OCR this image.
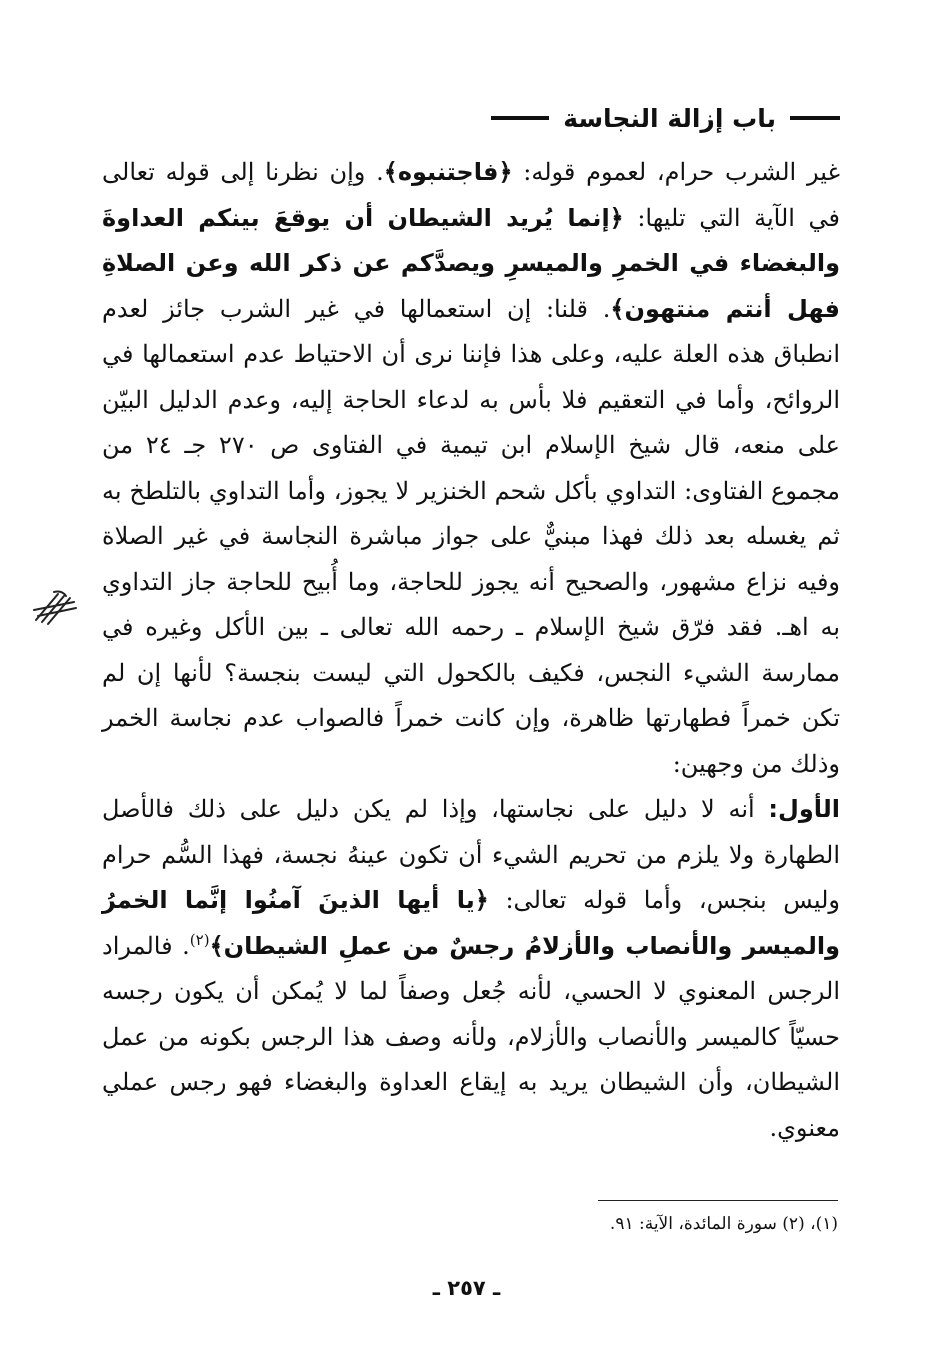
باب إزالة النجاسة

غير الشرب حرام، لعموم قوله: ﴿فاجتنبوه﴾. وإن نظرنا إلى قوله تعالى في الآية التي تليها: ﴿إنما يُريد الشيطان أن يوقعَ بينكم العداوةَ والبغضاء في الخمرِ والميسرِ ويصدَّكم عن ذكر الله وعن الصلاةِ فهل أنتم منتهون﴾. قلنا: إن استعمالها في غير الشرب جائز لعدم انطباق هذه العلة عليه، وعلى هذا فإننا نرى أن الاحتياط عدم استعمالها في الروائح، وأما في التعقيم فلا بأس به لدعاء الحاجة إليه، وعدم الدليل البيّن على منعه، قال شيخ الإسلام ابن تيمية في الفتاوى ص ٢٧٠ جـ ٢٤ من مجموع الفتاوى: التداوي بأكل شحم الخنزير لا يجوز، وأما التداوي بالتلطخ به ثم يغسله بعد ذلك فهذا مبنيٌّ على جواز مباشرة النجاسة في غير الصلاة وفيه نزاع مشهور، والصحيح أنه يجوز للحاجة، وما أُبيح للحاجة جاز التداوي به اهـ. فقد فرّق شيخ الإسلام ـ رحمه الله تعالى ـ بين الأكل وغيره في ممارسة الشيء النجس، فكيف بالكحول التي ليست بنجسة؟ لأنها إن لم تكن خمراً فطهارتها ظاهرة، وإن كانت خمراً فالصواب عدم نجاسة الخمر وذلك من وجهين:

الأول: أنه لا دليل على نجاستها، وإذا لم يكن دليل على ذلك فالأصل الطهارة ولا يلزم من تحريم الشيء أن تكون عينهُ نجسة، فهذا السُّم حرام وليس بنجس، وأما قوله تعالى: ﴿يا أيها الذينَ آمنُوا إنَّما الخمرُ والميسر والأنصاب والأزلامُ رجسٌ من عملِ الشيطان﴾$^{(٢)}$. فالمراد الرجس المعنوي لا الحسي، لأنه جُعل وصفاً لما لا يُمكن أن يكون رجسه حسيّاً كالميسر والأنصاب والأزلام، ولأنه وصف هذا الرجس بكونه من عمل الشيطان، وأن الشيطان يريد به إيقاع العداوة والبغضاء فهو رجس عملي معنوي.

(١)، (٢) سورة المائدة، الآية: ٩١.
ـ ٢٥٧ ـ
